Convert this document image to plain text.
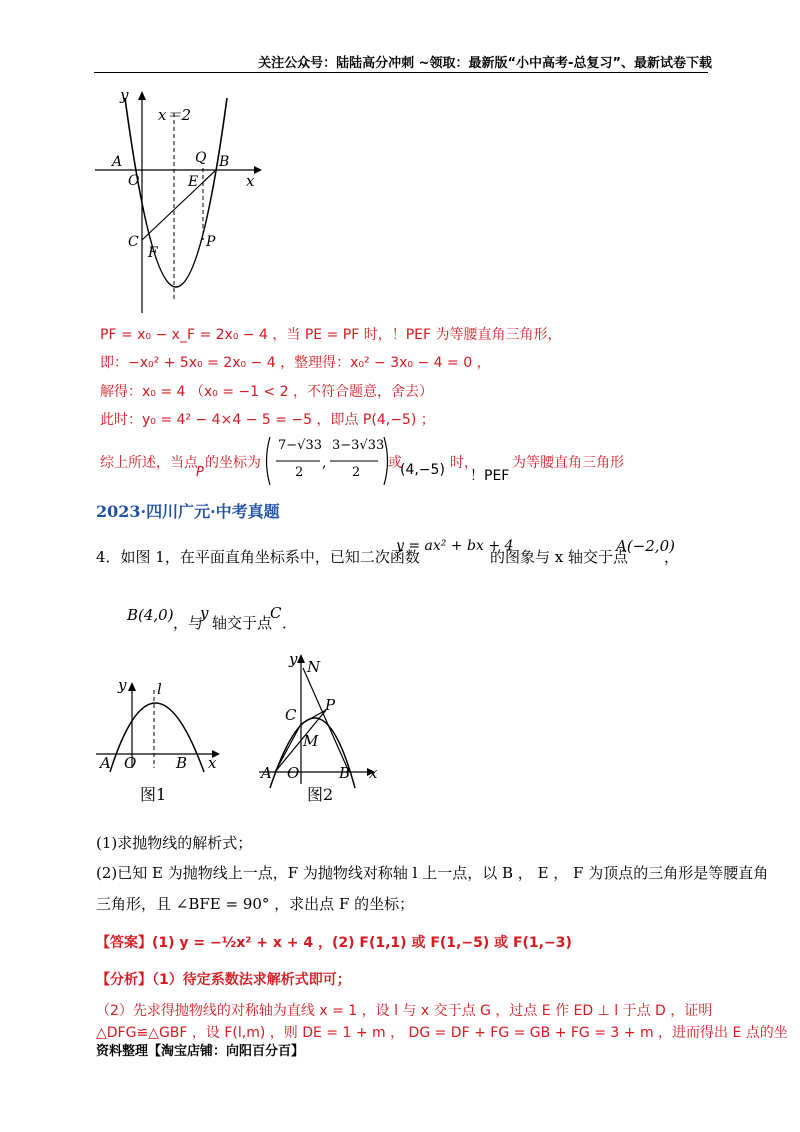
关注公众号：陆陆高分冲刺 ~领取：最新版“小中高考-总复习”、最新试卷下载
y
x
x＝2
A
O
B
Q
E
C	P
F
PF = x₀ − x_F = 2x₀ − 4 ，当 PE = PF 时，！PEF 为等腰直角三角形，
即：−x₀² + 5x₀ = 2x₀ − 4 ，整理得：x₀² − 3x₀ − 4 = 0 ，
解得：x₀ = 4 （x₀ = −1 < 2 ，不符合题意，舍去）
此时：y₀ = 4² − 4×4 − 5 = −5 ，即点 P(4,−5) ；
综上所述，当点
P
的坐标为	,
7−√33
2
3−3√33
2
或
(4,−5) 时，
！PEF
为等腰直角三角形
2023·四川广元·中考真题
4．如图 1，在平面直角坐标系中，已知二次函数
y = ax² + bx + 4
的图象与 x 轴交于点
A(−2,0)
，
B(4,0) ，与
y
轴交于点
C
．
y l
A O	B x
图1
y N
C
P
M
A O	B x
图2
(1)求抛物线的解析式；
(2)已知 E 为抛物线上一点，F 为抛物线对称轴 l 上一点，以 B ， E ， F 为顶点的三角形是等腰直角
三角形，且 ∠BFE = 90° ，求出点 F 的坐标；
【答案】(1) y = −½x² + x + 4 ，(2) F(1,1) 或 F(1,−5) 或 F(1,−3)
【分析】（1）待定系数法求解析式即可；
（2）先求得抛物线的对称轴为直线 x = 1 ，设 l 与 x 交于点 G ，过点 E 作 ED ⊥ l 于点 D ，证明
△DFG≌△GBF ，设 F(l,m) ，则 DE = 1 + m ， DG = DF + FG = GB + FG = 3 + m ，进而得出 E 点的坐
资料整理【淘宝店铺：向阳百分百】
